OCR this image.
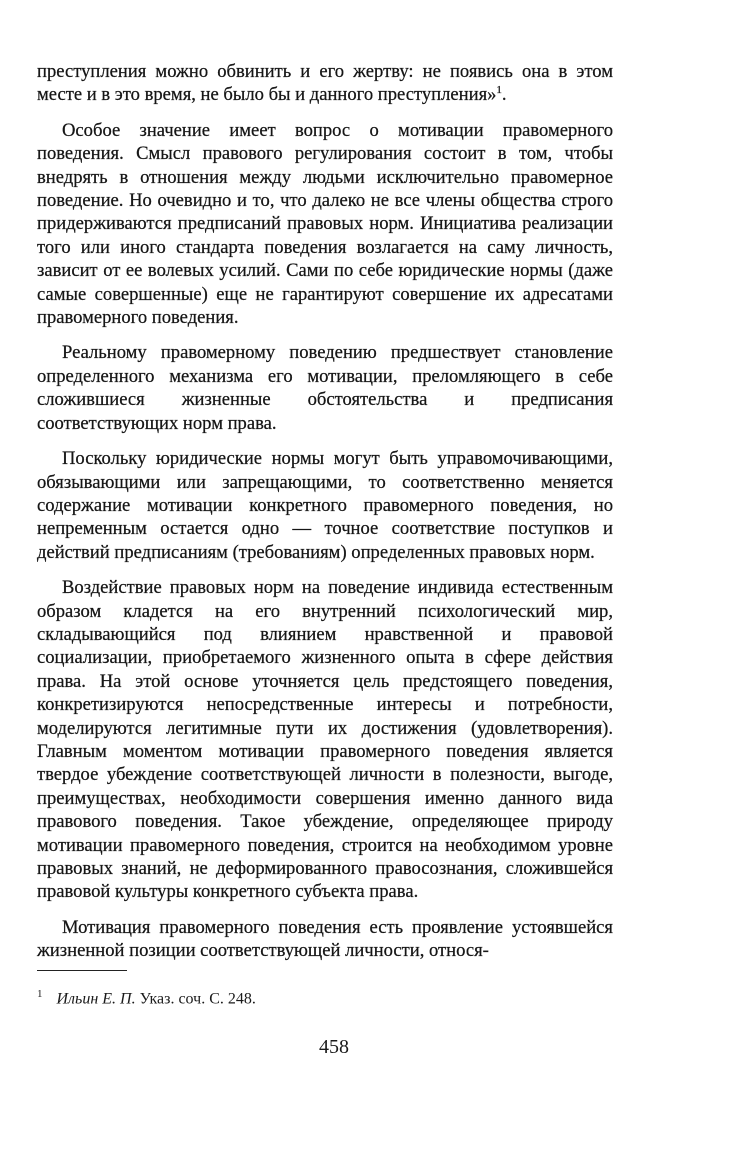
преступления можно обвинить и его жертву: не появись она в этом месте и в это время, не было бы и данного преступления»$^1$.

Особое значение имеет вопрос о мотивации правомерного поведения. Смысл правового регулирования состоит в том, чтобы внедрять в отношения между людьми исключительно правомерное поведение. Но очевидно и то, что далеко не все члены общества строго придерживаются предписаний правовых норм. Инициатива реализации того или иного стандарта поведения возлагается на саму личность, зависит от ее волевых усилий. Сами по себе юридические нормы (даже самые совершенные) еще не гарантируют совершение их адресатами правомерного поведения.

Реальному правомерному поведению предшествует становление определенного механизма его мотивации, преломляющего в себе сложившиеся жизненные обстоятельства и предписания соответствующих норм права.

Поскольку юридические нормы могут быть управомочивающими, обязывающими или запрещающими, то соответственно меняется содержание мотивации конкретного правомерного поведения, но непременным остается одно — точное соответствие поступков и действий предписаниям (требованиям) определенных правовых норм.

Воздействие правовых норм на поведение индивида естественным образом кладется на его внутренний психологический мир, складывающийся под влиянием нравственной и правовой социализации, приобретаемого жизненного опыта в сфере действия права. На этой основе уточняется цель предстоящего поведения, конкретизируются непосредственные интересы и потребности, моделируются легитимные пути их достижения (удовлетворения). Главным моментом мотивации правомерного поведения является твердое убеждение соответствующей личности в полезности, выгоде, преимуществах, необходимости совершения именно данного вида правового поведения. Такое убеждение, определяющее природу мотивации правомерного поведения, строится на необходимом уровне правовых знаний, не деформированного правосознания, сложившейся правовой культуры конкретного субъекта права.

Мотивация правомерного поведения есть проявление устоявшейся жизненной позиции соответствующей личности, относя-

$^1$ Ильин Е. П. Указ. соч. С. 248.
458
